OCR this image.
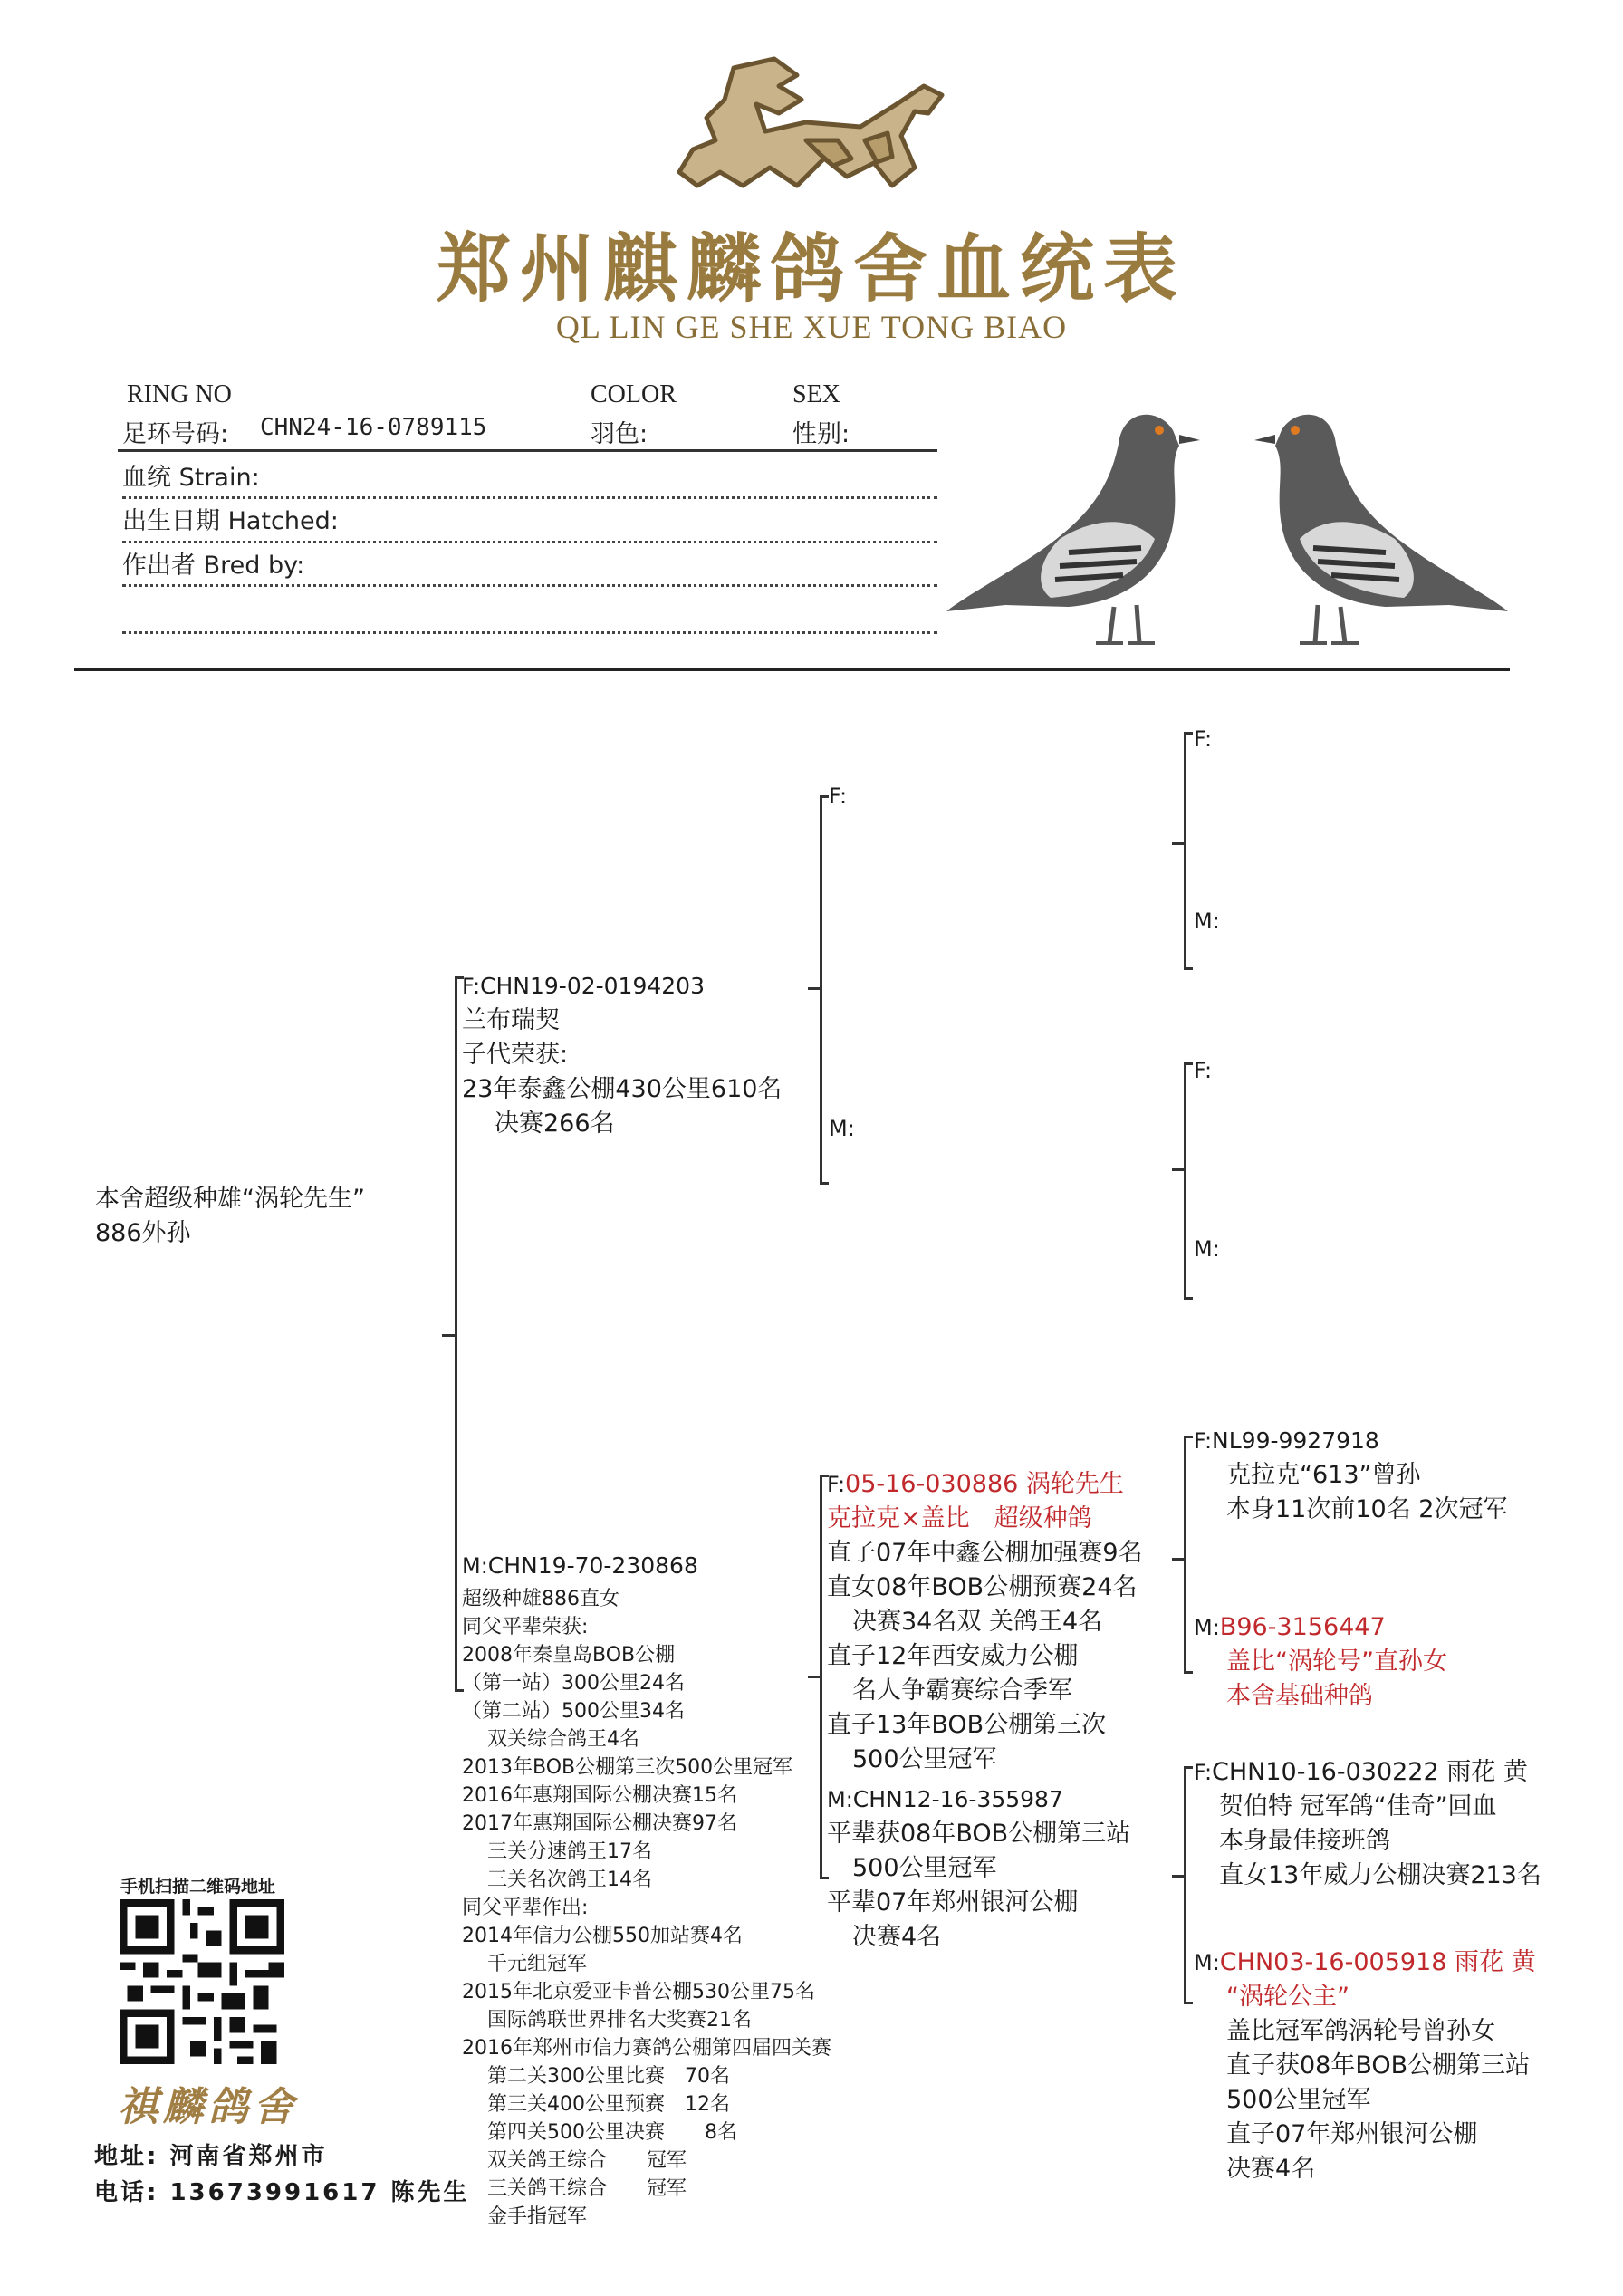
郑州麒麟鸽舍血统表
QL LIN GE SHE XUE TONG BIAO
RING NO	COLOR	SEX
足环号码: CHN24-16-0789115	羽色:	性别:
血统 Strain:
出生日期 Hatched:
作出者 Bred by:
本舍超级种雄“涡轮先生”
886外孙
F:CHN19-02-0194203
兰布瑞契
子代荣获:
23年泰鑫公棚430公里610名
决赛266名
F:
M:
F:
M:
F:
M:
M:CHN19-70-230868
超级种雄886直女
同父平辈荣获:
2008年秦皇岛BOB公棚
（第一站）300公里24名
（第二站）500公里34名
双关综合鸽王4名
2013年BOB公棚第三次500公里冠军
2016年惠翔国际公棚决赛15名
2017年惠翔国际公棚决赛97名
三关分速鸽王17名
三关名次鸽王14名
同父平辈作出:
2014年信力公棚550加站赛4名
千元组冠军
2015年北京爱亚卡普公棚530公里75名
国际鸽联世界排名大奖赛21名
2016年郑州市信力赛鸽公棚第四届四关赛
第二关300公里比赛　70名
第三关400公里预赛　12名
第四关500公里决赛　　8名
双关鸽王综合　　冠军
三关鸽王综合　　冠军
金手指冠军
F:05-16-030886 涡轮先生
克拉克×盖比　超级种鸽
直子07年中鑫公棚加强赛9名
直女08年BOB公棚预赛24名
决赛34名双 关鸽王4名
直子12年西安威力公棚
名人争霸赛综合季军
直子13年BOB公棚第三次
500公里冠军
M:CHN12-16-355987
平辈获08年BOB公棚第三站
500公里冠军
平辈07年郑州银河公棚
决赛4名
F:NL99-9927918
克拉克“613”曾孙
本身11次前10名 2次冠军
M:B96-3156447
盖比“涡轮号”直孙女
本舍基础种鸽
F:CHN10-16-030222 雨花 黄
贺伯特 冠军鸽“佳奇”回血
本身最佳接班鸽
直女13年威力公棚决赛213名
M:CHN03-16-005918 雨花 黄
“涡轮公主”
盖比冠军鸽涡轮号曾孙女
直子获08年BOB公棚第三站
500公里冠军
直子07年郑州银河公棚
决赛4名
手机扫描二维码地址
祺麟鸽舍
地址: 河南省郑州市
电话: 13673991617 陈先生
